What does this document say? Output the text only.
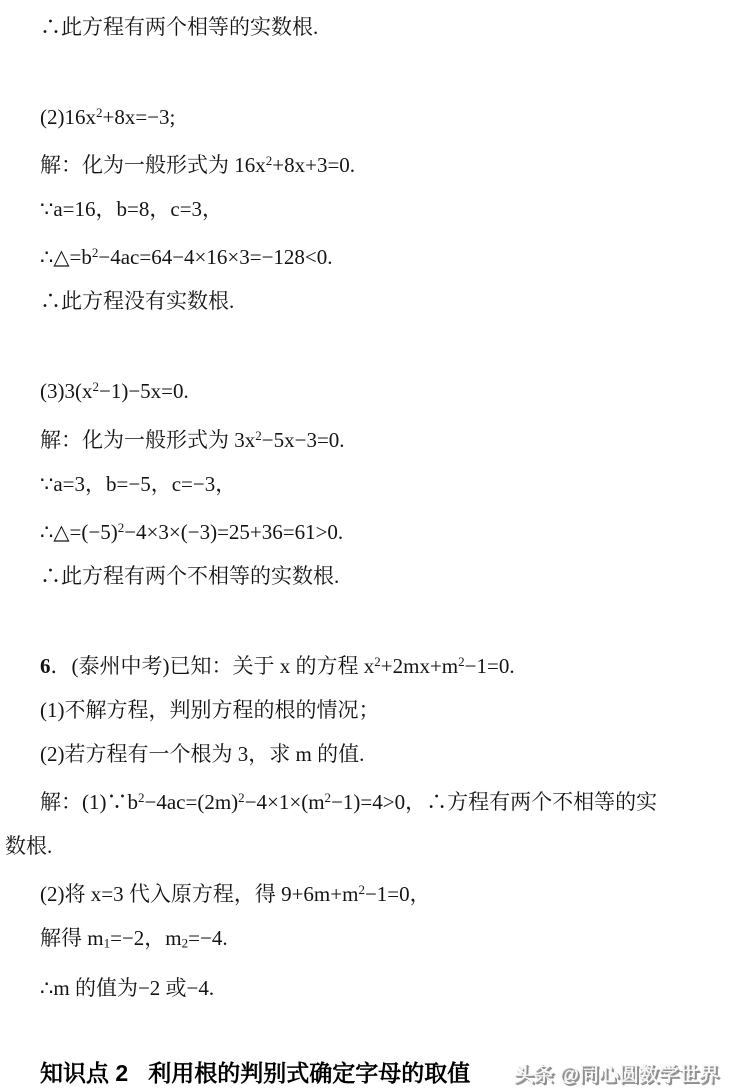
∴此方程有两个相等的实数根.
$(2)16x^2+8x=-3$;
解：化为一般形式为 $16x^2+8x+3=0$.
∵a=16，b=8，c=3，
$\therefore\triangle=b^2-4ac=64-4\times 16\times 3=-128<0$.
∴此方程没有实数根.
$(3)3(x^2-1)-5x=0$.
解：化为一般形式为 $3x^2-5x-3=0$.
∵a=3，b=−5，c=−3，
$\therefore\triangle=(-5)^2-4\times 3\times(-3)=25+36=61>0$.
∴此方程有两个不相等的实数根.
6．(泰州中考)已知：关于 x 的方程 $x^2+2mx+m^2-1=0$.
(1)不解方程，判别方程的根的情况；
(2)若方程有一个根为 3，求 m 的值.
解：$(1)\because b^2-4ac=(2m)^2-4\times 1\times(m^2-1)=4>0$，∴方程有两个不相等的实
数根.
(2)将 x=3 代入原方程，得 $9+6m+m^2-1=0$，
解得 $m_1=-2$，$m_2=-4$.
∴m 的值为−2 或−4.
知识点 2 利用根的判别式确定字母的取值 头条 @同心圆数学世界
